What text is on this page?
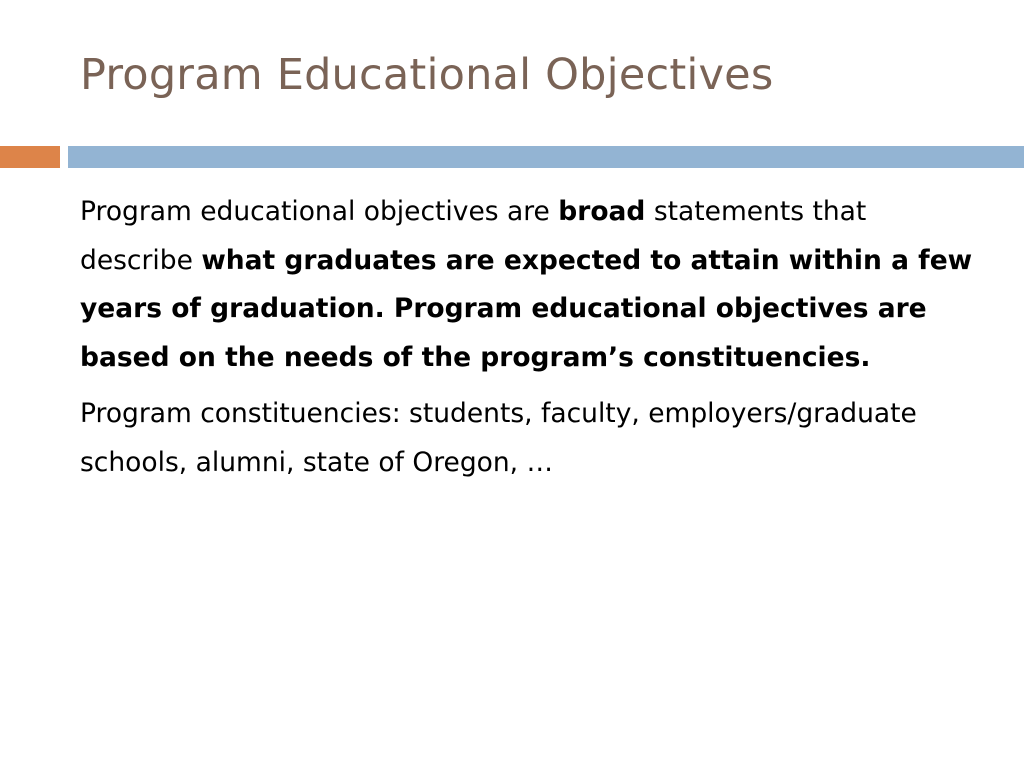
Program Educational Objectives

Program educational objectives are broad statements that describe what graduates are expected to attain within a few years of graduation. Program educational objectives are based on the needs of the program’s constituencies.

Program constituencies: students, faculty, employers/graduate schools, alumni, state of Oregon, …
